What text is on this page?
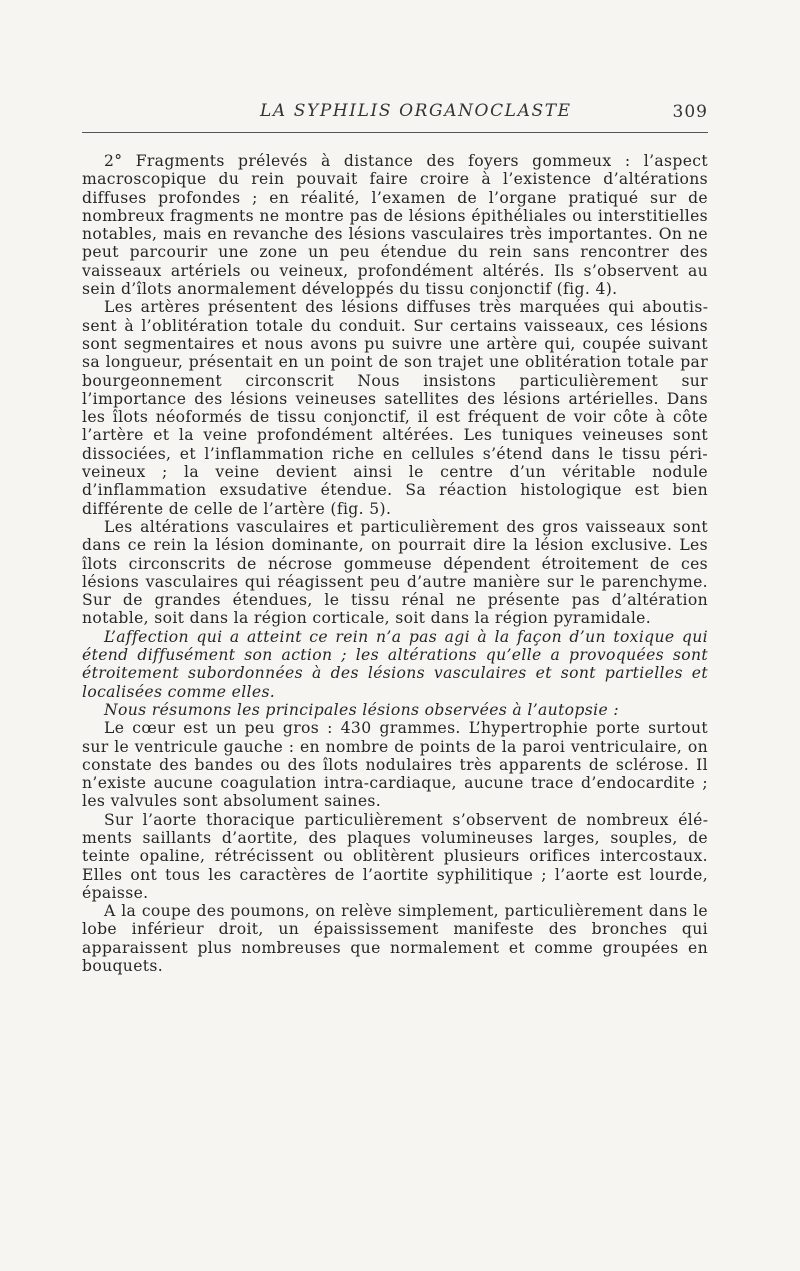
LA SYPHILIS ORGANOCLASTE	309

2° Fragments prélevés à distance des foyers gommeux : l’aspect macroscopique du rein pouvait faire croire à l’existence d’altérations diffuses profondes ; en réalité, l’examen de l’organe pratiqué sur de nombreux fragments ne montre pas de lésions épithéliales ou interstitielles notables, mais en revanche des lésions vasculaires très importantes. On ne peut parcourir une zone un peu étendue du rein sans rencontrer des vaisseaux artériels ou veineux, profondément altérés. Ils s’observent au sein d’îlots anormalement développés du tissu conjonctif (fig. 4).

Les artères présentent des lésions diffuses très marquées qui aboutissent à l’oblitération totale du conduit. Sur certains vaisseaux, ces lésions sont segmentaires et nous avons pu suivre une artère qui, coupée suivant sa longueur, présentait en un point de son trajet une oblitération totale par bourgeonnement circonscrit Nous insistons particulièrement sur l’importance des lésions veineuses satellites des lésions artérielles. Dans les îlots néoformés de tissu conjonctif, il est fréquent de voir côte à côte l’artère et la veine profondément altérées. Les tuniques veineuses sont dissociées, et l’inflammation riche en cellules s’étend dans le tissu péri-veineux ; la veine devient ainsi le centre d’un véritable nodule d’inflammation exsudative étendue. Sa réaction histologique est bien différente de celle de l’artère (fig. 5).

Les altérations vasculaires et particulièrement des gros vaisseaux sont dans ce rein la lésion dominante, on pourrait dire la lésion exclusive. Les îlots circonscrits de nécrose gommeuse dépendent étroitement de ces lésions vasculaires qui réagissent peu d’autre manière sur le parenchyme. Sur de grandes étendues, le tissu rénal ne présente pas d’altération notable, soit dans la région corticale, soit dans la région pyramidale.

L’affection qui a atteint ce rein n’a pas agi à la façon d’un toxique qui étend diffusément son action ; les altérations qu’elle a provoquées sont étroitement subordonnées à des lésions vasculaires et sont partielles et localisées comme elles.

Nous résumons les principales lésions observées à l’autopsie :

Le cœur est un peu gros : 430 grammes. L’hypertrophie porte surtout sur le ventricule gauche : en nombre de points de la paroi ventriculaire, on constate des bandes ou des îlots nodulaires très apparents de sclérose. Il n’existe aucune coagulation intra-cardiaque, aucune trace d’endocardite ; les valvules sont absolument saines.

Sur l’aorte thoracique particulièrement s’observent de nombreux éléments saillants d’aortite, des plaques volumineuses larges, souples, de teinte opaline, rétrécissent ou oblitèrent plusieurs orifices intercostaux. Elles ont tous les caractères de l’aortite syphilitique ; l’aorte est lourde, épaisse.

A la coupe des poumons, on relève simplement, particulièrement dans le lobe inférieur droit, un épaississement manifeste des bronches qui apparaissent plus nombreuses que normalement et comme groupées en bouquets.
